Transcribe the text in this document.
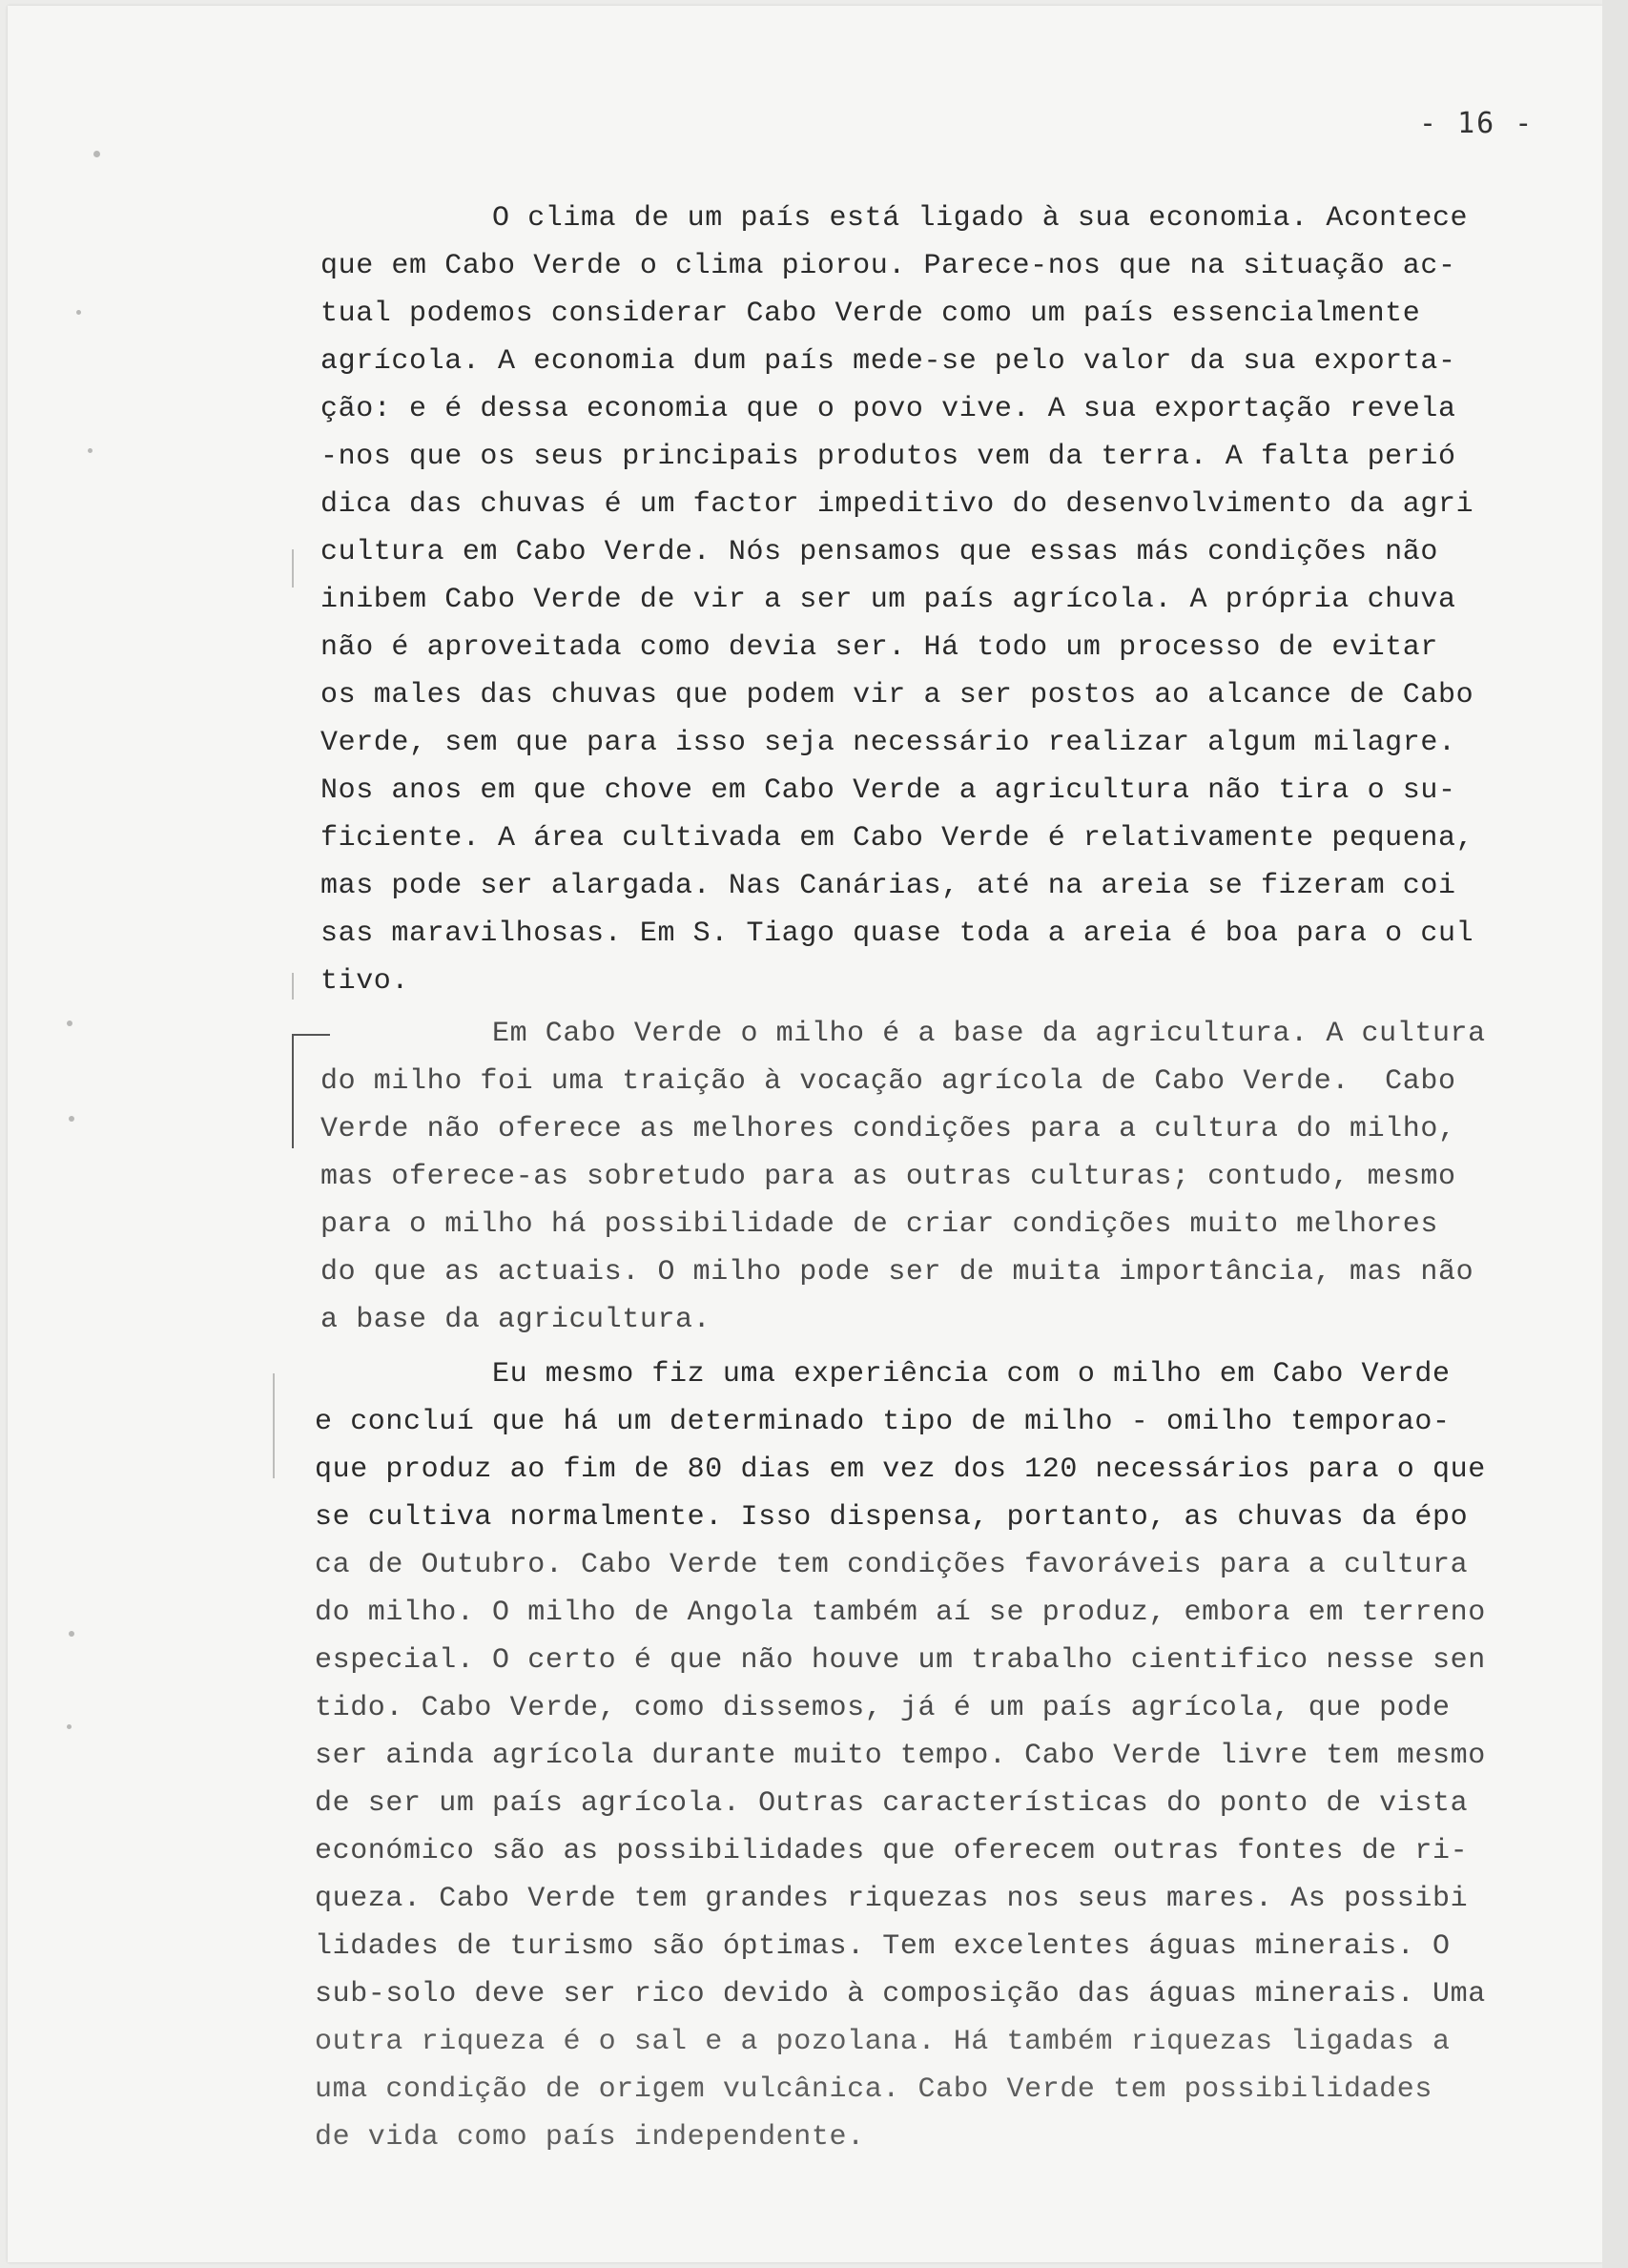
- 16 -
O clima de um país está ligado à sua economia. Acontece
que em Cabo Verde o clima piorou. Parece-nos que na situação ac-
tual podemos considerar Cabo Verde como um país essencialmente
agrícola. A economia dum país mede-se pelo valor da sua exporta-
ção: e é dessa economia que o povo vive. A sua exportação revela
-nos que os seus principais produtos vem da terra. A falta perió
dica das chuvas é um factor impeditivo do desenvolvimento da agri
cultura em Cabo Verde. Nós pensamos que essas más condições não
inibem Cabo Verde de vir a ser um país agrícola. A própria chuva
não é aproveitada como devia ser. Há todo um processo de evitar
os males das chuvas que podem vir a ser postos ao alcance de Cabo
Verde, sem que para isso seja necessário realizar algum milagre.
Nos anos em que chove em Cabo Verde a agricultura não tira o su-
ficiente. A área cultivada em Cabo Verde é relativamente pequena,
mas pode ser alargada. Nas Canárias, até na areia se fizeram coi
sas maravilhosas. Em S. Tiago quase toda a areia é boa para o cul
tivo.
Em Cabo Verde o milho é a base da agricultura. A cultura
do milho foi uma traição à vocação agrícola de Cabo Verde.  Cabo
Verde não oferece as melhores condições para a cultura do milho,
mas oferece-as sobretudo para as outras culturas; contudo, mesmo
para o milho há possibilidade de criar condições muito melhores
do que as actuais. O milho pode ser de muita importância, mas não
a base da agricultura.
Eu mesmo fiz uma experiência com o milho em Cabo Verde
e concluí que há um determinado tipo de milho - omilho temporao-
que produz ao fim de 80 dias em vez dos 120 necessários para o que
se cultiva normalmente. Isso dispensa, portanto, as chuvas da épo
ca de Outubro. Cabo Verde tem condições favoráveis para a cultura
do milho. O milho de Angola também aí se produz, embora em terreno
especial. O certo é que não houve um trabalho cientifico nesse sen
tido. Cabo Verde, como dissemos, já é um país agrícola, que pode
ser ainda agrícola durante muito tempo. Cabo Verde livre tem mesmo
de ser um país agrícola. Outras características do ponto de vista
económico são as possibilidades que oferecem outras fontes de ri-
queza. Cabo Verde tem grandes riquezas nos seus mares. As possibi
lidades de turismo são óptimas. Tem excelentes águas minerais. O
sub-solo deve ser rico devido à composição das águas minerais. Uma
outra riqueza é o sal e a pozolana. Há também riquezas ligadas a
uma condição de origem vulcânica. Cabo Verde tem possibilidades
de vida como país independente.
